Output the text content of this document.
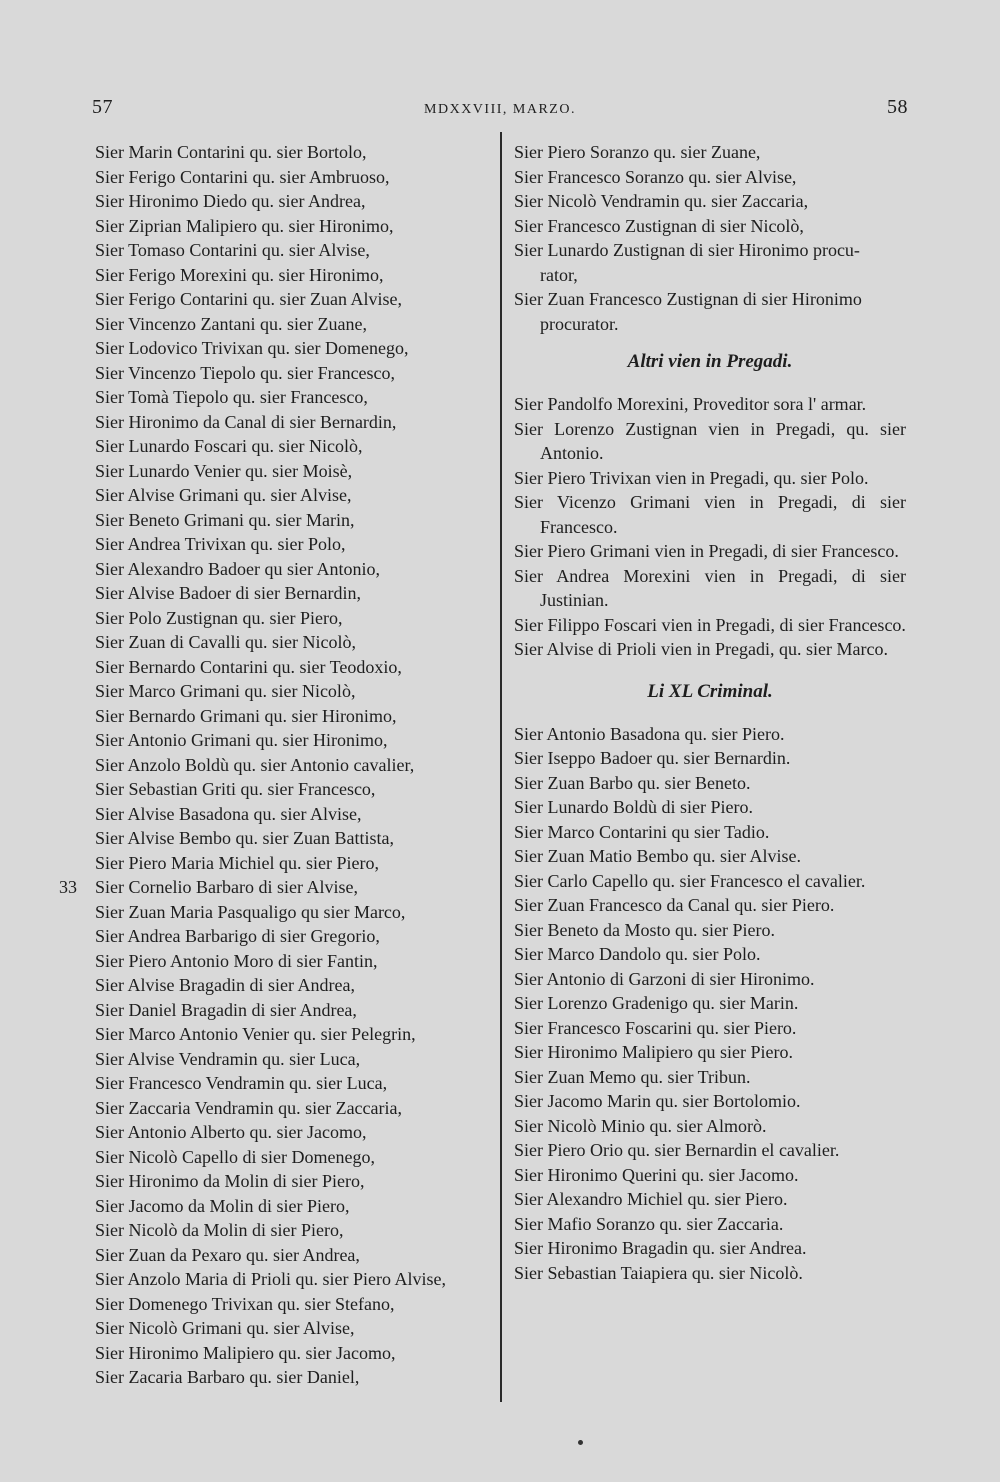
57	MDXXVIII, MARZO.	58
Sier Marin Contarini qu. sier Bortolo,
Sier Ferigo Contarini qu. sier Ambruoso,
Sier Hironimo Diedo qu. sier Andrea,
Sier Ziprian Malipiero qu. sier Hironimo,
Sier Tomaso Contarini qu. sier Alvise,
Sier Ferigo Morexini qu. sier Hironimo,
Sier Ferigo Contarini qu. sier Zuan Alvise,
Sier Vincenzo Zantani qu. sier Zuane,
Sier Lodovico Trivixan qu. sier Domenego,
Sier Vincenzo Tiepolo qu. sier Francesco,
Sier Tomà Tiepolo qu. sier Francesco,
Sier Hironimo da Canal di sier Bernardin,
Sier Lunardo Foscari qu. sier Nicolò,
Sier Lunardo Venier qu. sier Moisè,
Sier Alvise Grimani qu. sier Alvise,
Sier Beneto Grimani qu. sier Marin,
Sier Andrea Trivixan qu. sier Polo,
Sier Alexandro Badoer qu sier Antonio,
Sier Alvise Badoer di sier Bernardin,
Sier Polo Zustignan qu. sier Piero,
Sier Zuan di Cavalli qu. sier Nicolò,
Sier Bernardo Contarini qu. sier Teodoxio,
Sier Marco Grimani qu. sier Nicolò,
Sier Bernardo Grimani qu. sier Hironimo,
Sier Antonio Grimani qu. sier Hironimo,
Sier Anzolo Boldù qu. sier Antonio cavalier,
Sier Sebastian Griti qu. sier Francesco,
Sier Alvise Basadona qu. sier Alvise,
Sier Alvise Bembo qu. sier Zuan Battista,
Sier Piero Maria Michiel qu. sier Piero,
33 Sier Cornelio Barbaro di sier Alvise,
Sier Zuan Maria Pasqualigo qu sier Marco,
Sier Andrea Barbarigo di sier Gregorio,
Sier Piero Antonio Moro di sier Fantin,
Sier Alvise Bragadin di sier Andrea,
Sier Daniel Bragadin di sier Andrea,
Sier Marco Antonio Venier qu. sier Pelegrin,
Sier Alvise Vendramin qu. sier Luca,
Sier Francesco Vendramin qu. sier Luca,
Sier Zaccaria Vendramin qu. sier Zaccaria,
Sier Antonio Alberto qu. sier Jacomo,
Sier Nicolò Capello di sier Domenego,
Sier Hironimo da Molin di sier Piero,
Sier Jacomo da Molin di sier Piero,
Sier Nicolò da Molin di sier Piero,
Sier Zuan da Pexaro qu. sier Andrea,
Sier Anzolo Maria di Prioli qu. sier Piero Alvise,
Sier Domenego Trivixan qu. sier Stefano,
Sier Nicolò Grimani qu. sier Alvise,
Sier Hironimo Malipiero qu. sier Jacomo,
Sier Zacaria Barbaro qu. sier Daniel,
Sier Piero Soranzo qu. sier Zuane,
Sier Francesco Soranzo qu. sier Alvise,
Sier Nicolò Vendramin qu. sier Zaccaria,
Sier Francesco Zustignan di sier Nicolò,
Sier Lunardo Zustignan di sier Hironimo procu-
rator,
Sier Zuan Francesco Zustignan di sier Hironimo
procurator.
Altri vien in Pregadi.
Sier Pandolfo Morexini, Proveditor sora l' armar.
Sier Lorenzo Zustignan vien in Pregadi, qu. sier Antonio.
Sier Piero Trivixan vien in Pregadi, qu. sier Polo.
Sier Vicenzo Grimani vien in Pregadi, di sier Francesco.
Sier Piero Grimani vien in Pregadi, di sier Francesco.
Sier Andrea Morexini vien in Pregadi, di sier Justinian.
Sier Filippo Foscari vien in Pregadi, di sier Francesco.
Sier Alvise di Prioli vien in Pregadi, qu. sier Marco.
Li XL Criminal.
Sier Antonio Basadona qu. sier Piero.
Sier Iseppo Badoer qu. sier Bernardin.
Sier Zuan Barbo qu. sier Beneto.
Sier Lunardo Boldù di sier Piero.
Sier Marco Contarini qu sier Tadio.
Sier Zuan Matio Bembo qu. sier Alvise.
Sier Carlo Capello qu. sier Francesco el cavalier.
Sier Zuan Francesco da Canal qu. sier Piero.
Sier Beneto da Mosto qu. sier Piero.
Sier Marco Dandolo qu. sier Polo.
Sier Antonio di Garzoni di sier Hironimo.
Sier Lorenzo Gradenigo qu. sier Marin.
Sier Francesco Foscarini qu. sier Piero.
Sier Hironimo Malipiero qu sier Piero.
Sier Zuan Memo qu. sier Tribun.
Sier Jacomo Marin qu. sier Bortolomio.
Sier Nicolò Minio qu. sier Almorò.
Sier Piero Orio qu. sier Bernardin el cavalier.
Sier Hironimo Querini qu. sier Jacomo.
Sier Alexandro Michiel qu. sier Piero.
Sier Mafio Soranzo qu. sier Zaccaria.
Sier Hironimo Bragadin qu. sier Andrea.
Sier Sebastian Taiapiera qu. sier Nicolò.
